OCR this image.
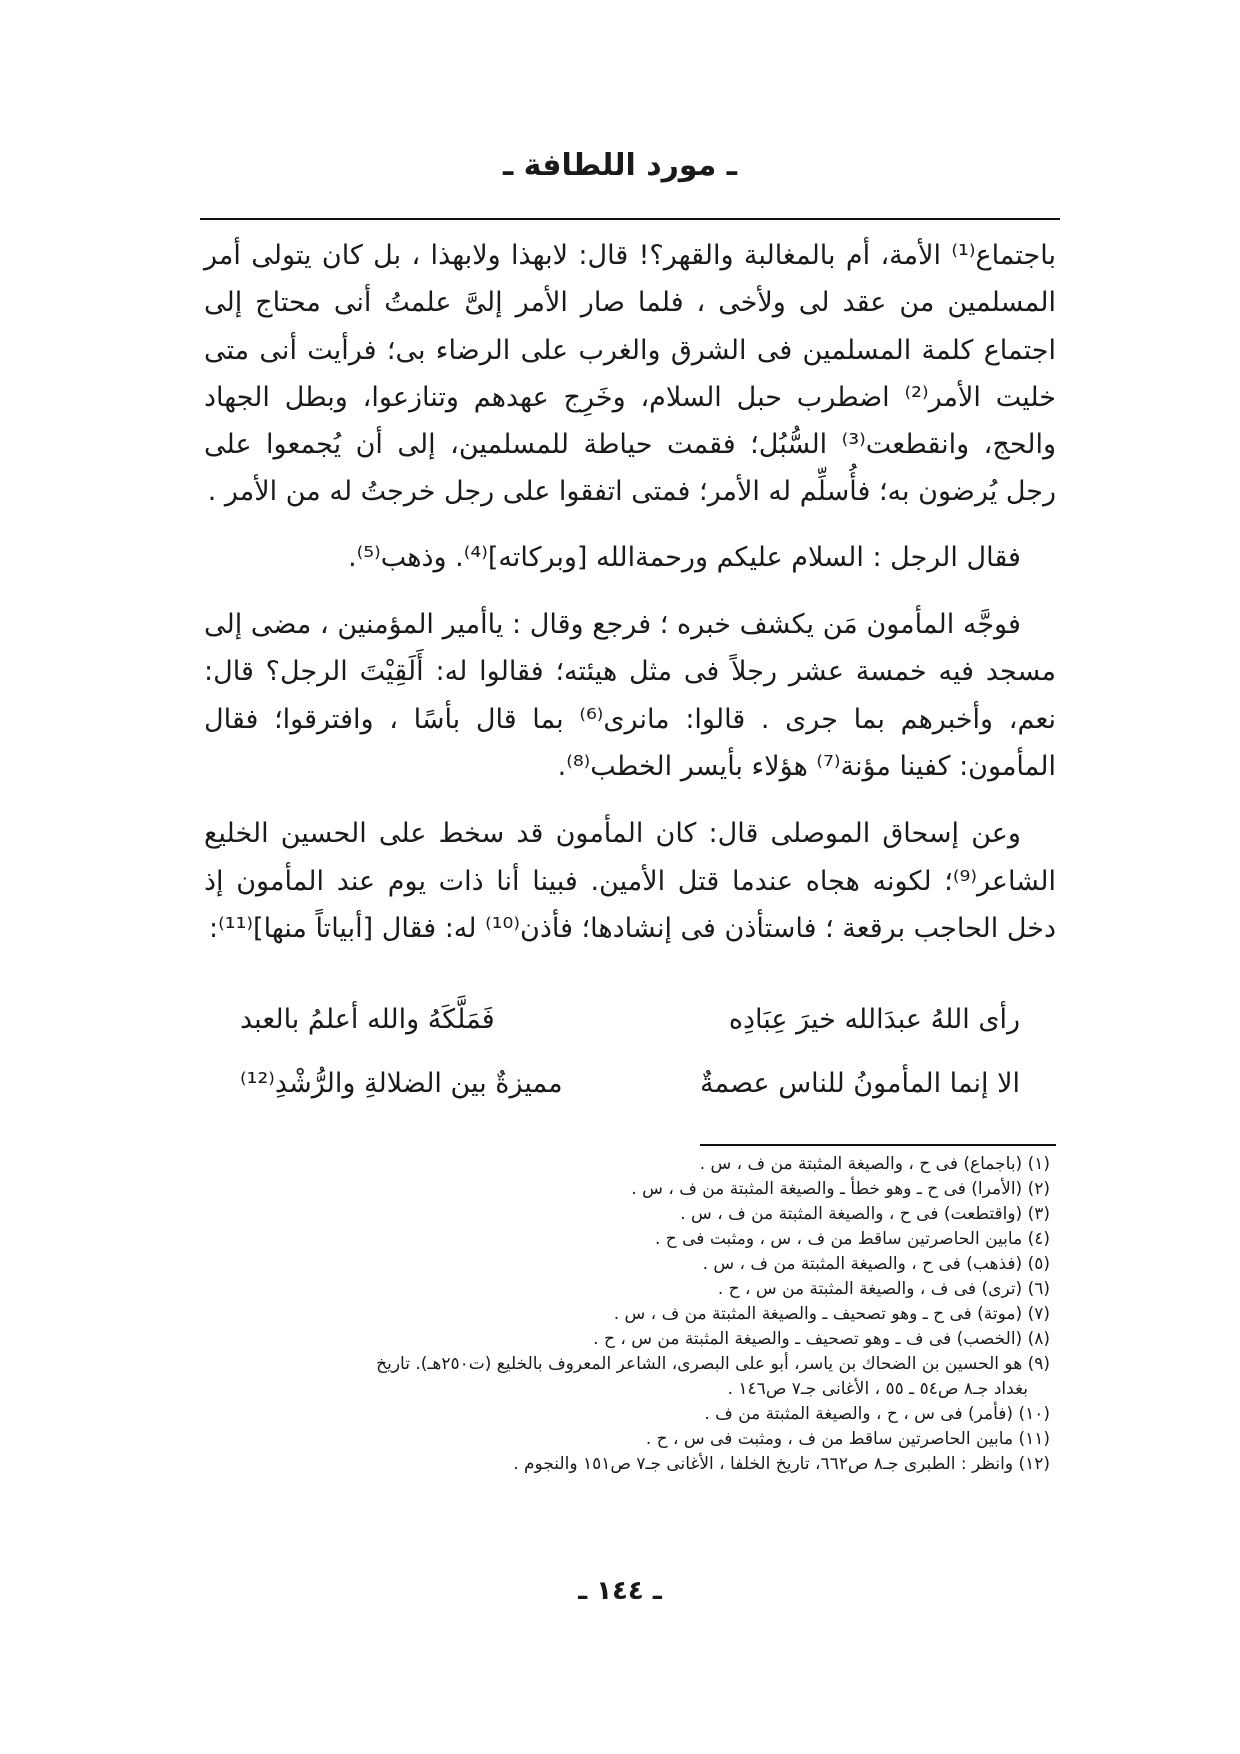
ـ مورد اللطافة ـ

باجتماع⁽¹⁾ الأمة، أم بالمغالبة والقهر؟! قال: لابهذا ولابهذا ، بل كان يتولى أمر المسلمين من عقد لى ولأخى ، فلما صار الأمر إلىَّ علمتُ أنى محتاج إلى اجتماع كلمة المسلمين فى الشرق والغرب على الرضاء بى؛ فرأيت أنى متى خليت الأمر⁽²⁾ اضطرب حبل السلام، وخَرِج عهدهم وتنازعوا، وبطل الجهاد والحج، وانقطعت⁽³⁾ السُّبُل؛ فقمت حياطة للمسلمين، إلى أن يُجمعوا على رجل يُرضون به؛ فأُسلِّم له الأمر؛ فمتى اتفقوا على رجل خرجتُ له من الأمر .

فقال الرجل : السلام عليكم ورحمةالله [وبركاته]⁽⁴⁾. وذهب⁽⁵⁾.

فوجَّه المأمون مَن يكشف خبره ؛ فرجع وقال : ياأمير المؤمنين ، مضى إلى مسجد فيه خمسة عشر رجلاً فى مثل هيئته؛ فقالوا له: أَلَقِيْتَ الرجل؟ قال: نعم، وأخبرهم بما جرى . قالوا: مانرى⁽⁶⁾ بما قال بأسًا ، وافترقوا؛ فقال المأمون: كفينا مؤنة⁽⁷⁾ هؤلاء بأيسر الخطب⁽⁸⁾.

وعن إسحاق الموصلى قال: كان المأمون قد سخط على الحسين الخليع الشاعر⁽⁹⁾؛ لكونه هجاه عندما قتل الأمين. فبينا أنا ذات يوم عند المأمون إذ دخل الحاجب برقعة ؛ فاستأذن فى إنشادها؛ فأذن⁽¹⁰⁾ له: فقال [أبياتاً منها]⁽¹¹⁾:

رأى اللهُ عبدَالله خيرَ عِبَادِه
فَمَلَّكَهُ والله أعلمُ بالعبد
الا إنما المأمونُ للناس عصمةٌ
مميزةٌ بين الضلالةِ والرُّشْدِ⁽¹²⁾
(١) (باجماع) فى ح ، والصيغة المثبتة من ف ، س .
(٢) (الأمرا) فى ح ـ وهو خطأ ـ والصيغة المثبتة من ف ، س .
(٣) (واقتطعت) فى ح ، والصيغة المثبتة من ف ، س .
(٤) مابين الحاصرتين ساقط من ف ، س ، ومثبت فى ح .
(٥) (فذهب) فى ح ، والصيغة المثبتة من ف ، س .
(٦) (ترى) فى ف ، والصيغة المثبتة من س ، ح .
(٧) (موتة) فى ح ـ وهو تصحيف ـ والصيغة المثبتة من ف ، س .
(٨) (الخصب) فى ف ـ وهو تصحيف ـ والصيغة المثبتة من س ، ح .
(٩) هو الحسين بن الضحاك بن ياسر، أبو على البصرى، الشاعر المعروف بالخليع (ت٢٥٠هـ). تاريخ
بغداد جـ٨ ص٥٤ ـ ٥٥ ، الأغانى جـ٧ ص١٤٦ .
(١٠) (فأمر) فى س ، ح ، والصيغة المثبتة من ف .
(١١) مابين الحاصرتين ساقط من ف ، ومثبت فى س ، ح .
(١٢) وانظر : الطبرى جـ٨ ص٦٦٢، تاريخ الخلفا ، الأغانى جـ٧ ص١٥١ والنجوم .
ـ ١٤٤ ـ
